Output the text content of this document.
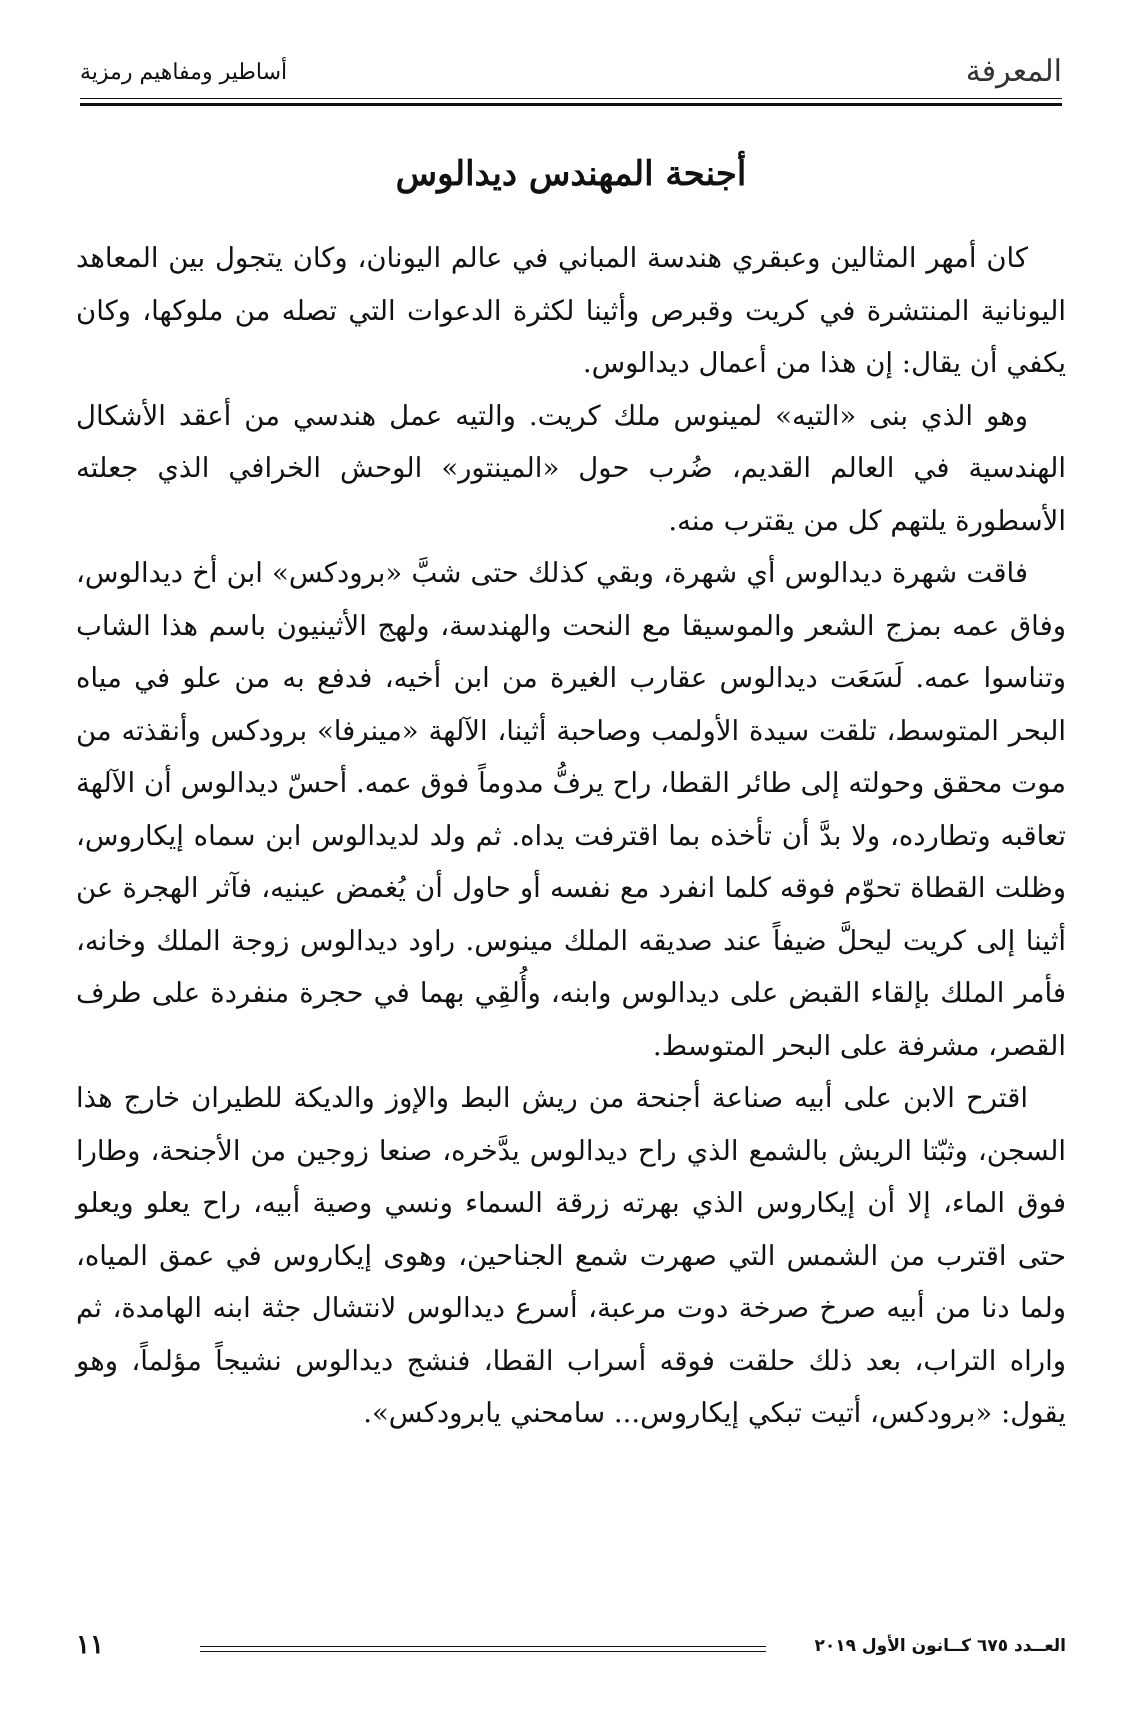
المعرفة
أساطير ومفاهيم رمزية
أجنحة المهندس ديدالوس

كان أمهر المثالين وعبقري هندسة المباني في عالم اليونان، وكان يتجول بين المعاهد اليونانية المنتشرة في كريت وقبرص وأثينا لكثرة الدعوات التي تصله من ملوكها، وكان يكفي أن يقال: إن هذا من أعمال ديدالوس.

وهو الذي بنى «التيه» لمينوس ملك كريت. والتيه عمل هندسي من أعقد الأشكال الهندسية في العالم القديم، ضُرب حول «المينتور» الوحش الخرافي الذي جعلته الأسطورة يلتهم كل من يقترب منه.

فاقت شهرة ديدالوس أي شهرة، وبقي كذلك حتى شبَّ «برودكس» ابن أخ ديدالوس، وفاق عمه بمزج الشعر والموسيقا مع النحت والهندسة، ولهج الأثينيون باسم هذا الشاب وتناسوا عمه. لَسَعَت ديدالوس عقارب الغيرة من ابن أخيه، فدفع به من علو في مياه البحر المتوسط، تلقت سيدة الأولمب وصاحبة أثينا، الآلهة «مينرفا» برودكس وأنقذته من موت محقق وحولته إلى طائر القطا، راح يرفُّ مدوماً فوق عمه. أحسّ ديدالوس أن الآلهة تعاقبه وتطارده، ولا بدَّ أن تأخذه بما اقترفت يداه. ثم ولد لديدالوس ابن سماه إيكاروس، وظلت القطاة تحوّم فوقه كلما انفرد مع نفسه أو حاول أن يُغمض عينيه، فآثر الهجرة عن أثينا إلى كريت ليحلَّ ضيفاً عند صديقه الملك مينوس. راود ديدالوس زوجة الملك وخانه، فأمر الملك بإلقاء القبض على ديدالوس وابنه، وأُلقِي بهما في حجرة منفردة على طرف القصر، مشرفة على البحر المتوسط.

اقترح الابن على أبيه صناعة أجنحة من ريش البط والإوز والديكة للطيران خارج هذا السجن، وثبّتا الريش بالشمع الذي راح ديدالوس يدَّخره، صنعا زوجين من الأجنحة، وطارا فوق الماء، إلا أن إيكاروس الذي بهرته زرقة السماء ونسي وصية أبيه، راح يعلو ويعلو حتى اقترب من الشمس التي صهرت شمع الجناحين، وهوى إيكاروس في عمق المياه، ولما دنا من أبيه صرخ صرخة دوت مرعبة، أسرع ديدالوس لانتشال جثة ابنه الهامدة، ثم واراه التراب، بعد ذلك حلقت فوقه أسراب القطا، فنشج ديدالوس نشيجاً مؤلماً، وهو يقول: «برودكس، أتيت تبكي إيكاروس... سامحني يابرودكس».

العــدد ٦٧٥ كــانون الأول ٢٠١٩
١١
